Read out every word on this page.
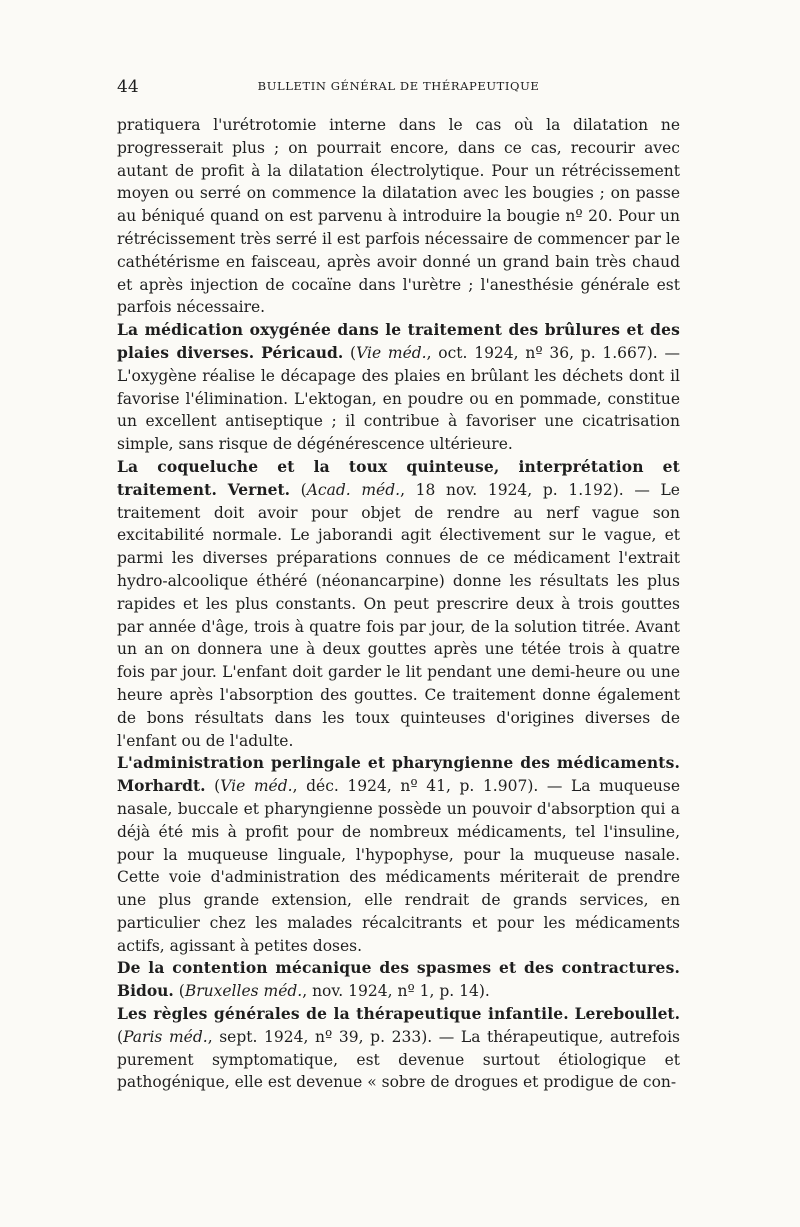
44	BULLETIN GÉNÉRAL DE THÉRAPEUTIQUE

pratiquera l'urétrotomie interne dans le cas où la dilatation ne progresserait plus ; on pourrait encore, dans ce cas, recourir avec autant de profit à la dilatation électrolytique. Pour un rétrécissement moyen ou serré on commence la dilatation avec les bougies ; on passe au béniqué quand on est parvenu à introduire la bougie nº 20. Pour un rétrécissement très serré il est parfois nécessaire de commencer par le cathétérisme en faisceau, après avoir donné un grand bain très chaud et après injection de cocaïne dans l'urètre ; l'anesthésie générale est parfois nécessaire.

La médication oxygénée dans le traitement des brûlures et des plaies diverses. Péricaud. (Vie méd., oct. 1924, nº 36, p. 1.667). — L'oxygène réalise le décapage des plaies en brûlant les déchets dont il favorise l'élimination. L'ektogan, en poudre ou en pommade, constitue un excellent antiseptique ; il contribue à favoriser une cicatrisation simple, sans risque de dégénérescence ultérieure.

La coqueluche et la toux quinteuse, interprétation et traitement. Vernet. (Acad. méd., 18 nov. 1924, p. 1.192). — Le traitement doit avoir pour objet de rendre au nerf vague son excitabilité normale. Le jaborandi agit électivement sur le vague, et parmi les diverses préparations connues de ce médicament l'extrait hydro-alcoolique éthéré (néonancarpine) donne les résultats les plus rapides et les plus constants. On peut prescrire deux à trois gouttes par année d'âge, trois à quatre fois par jour, de la solution titrée. Avant un an on donnera une à deux gouttes après une tétée trois à quatre fois par jour. L'enfant doit garder le lit pendant une demi-heure ou une heure après l'absorption des gouttes. Ce traitement donne également de bons résultats dans les toux quinteuses d'origines diverses de l'enfant ou de l'adulte.

L'administration perlingale et pharyngienne des médicaments. Morhardt. (Vie méd., déc. 1924, nº 41, p. 1.907). — La muqueuse nasale, buccale et pharyngienne possède un pouvoir d'absorption qui a déjà été mis à profit pour de nombreux médicaments, tel l'insuline, pour la muqueuse linguale, l'hypophyse, pour la muqueuse nasale. Cette voie d'administration des médicaments mériterait de prendre une plus grande extension, elle rendrait de grands services, en particulier chez les malades récalcitrants et pour les médicaments actifs, agissant à petites doses.

De la contention mécanique des spasmes et des contractures. Bidou. (Bruxelles méd., nov. 1924, nº 1, p. 14).

Les règles générales de la thérapeutique infantile. Lereboullet. (Paris méd., sept. 1924, nº 39, p. 233). — La thérapeutique, autrefois purement symptomatique, est devenue surtout étiologique et pathogénique, elle est devenue « sobre de drogues et prodigue de con-
